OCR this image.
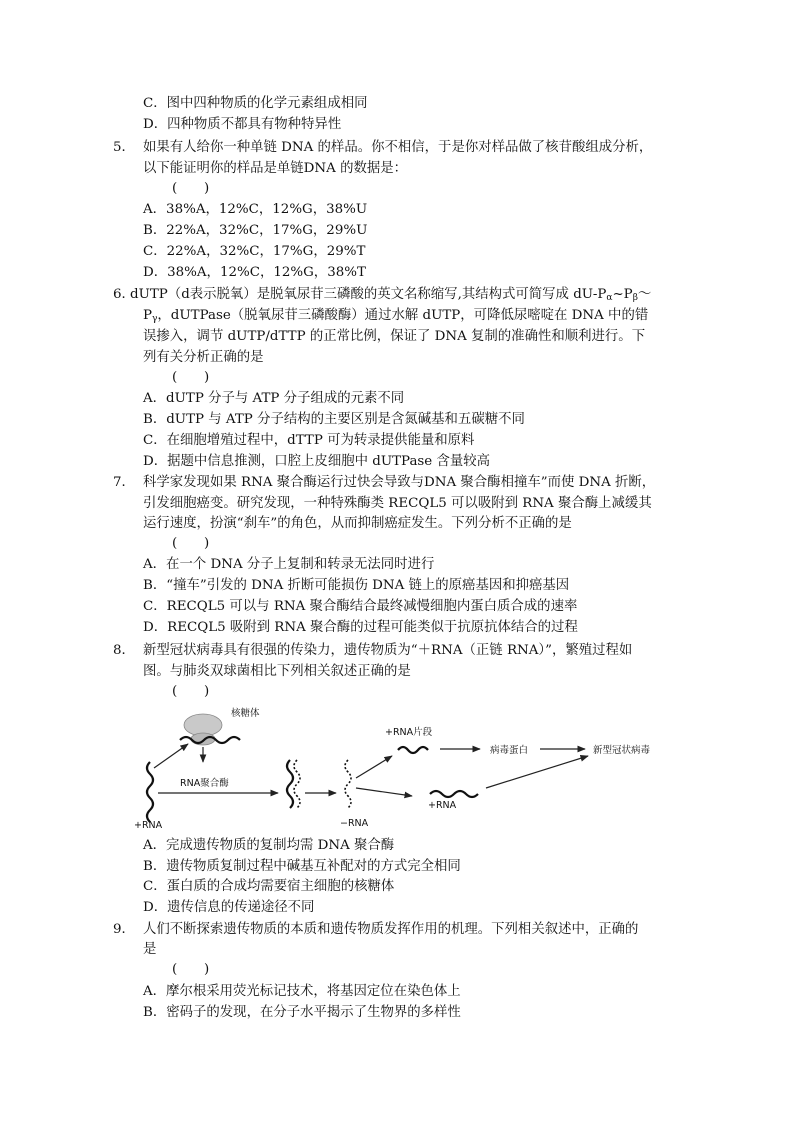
C．图中四种物质的化学元素组成相同
D．四种物质不都具有物种特异性
5． 如果有人给你一种单链 DNA 的样品。你不相信，于是你对样品做了核苷酸组成分析，
以下能证明你的样品是单链DNA 的数据是：
(　　)
A．38%A，12%C，12%G，38%U
B．22%A，32%C，17%G，29%U
C．22%A，32%C，17%G，29%T
D．38%A，12%C，12%G，38%T
6．
dUTP（d表示脱氧）是脱氧尿苷三磷酸的英文名称缩写,其结构式可简写成 $dU-P_\alpha\sim P_\beta\sim$
$P_\gamma$，dUTPase（脱氧尿苷三磷酸酶）通过水解 dUTP，可降低尿嘧啶在 DNA 中的错
误掺入，调节 dUTP/dTTP 的正常比例，保证了 DNA 复制的准确性和顺利进行。下
列有关分析正确的是
(　　)
A．dUTP 分子与 ATP 分子组成的元素不同
B．dUTP 与 ATP 分子结构的主要区别是含氮碱基和五碳糖不同
C．在细胞增殖过程中，dTTP 可为转录提供能量和原料
D．据题中信息推测，口腔上皮细胞中 dUTPase 含量较高
7． 科学家发现如果 RNA 聚合酶运行过快会导致与DNA 聚合酶相撞车”而使 DNA 折断，
引发细胞癌变。研究发现，一种特殊酶类 RECQL5 可以吸附到 RNA 聚合酶上减缓其
运行速度，扮演“刹车”的角色，从而抑制癌症发生。下列分析不正确的是
(　　)
A．在一个 DNA 分子上复制和转录无法同时进行
B．“撞车”引发的 DNA 折断可能损伤 DNA 链上的原癌基因和抑癌基因
C．RECQL5 可以与 RNA 聚合酶结合最终减慢细胞内蛋白质合成的速率
D．RECQL5 吸附到 RNA 聚合酶的过程可能类似于抗原抗体结合的过程
8． 新型冠状病毒具有很强的传染力，遗传物质为“＋RNA（正链 RNA）”，繁殖过程如
图。与肺炎双球菌相比下列相关叙述正确的是
(　　)
核糖体
+RNA
RNA聚合酶
−RNA
+RNA片段
病毒蛋白	新型冠状病毒
+RNA
A．完成遗传物质的复制均需 DNA 聚合酶
B．遗传物质复制过程中碱基互补配对的方式完全相同
C．蛋白质的合成均需要宿主细胞的核糖体
D．遗传信息的传递途径不同
9． 人们不断探索遗传物质的本质和遗传物质发挥作用的机理。下列相关叙述中，正确的
是
(　　)
A．摩尔根采用荧光标记技术，将基因定位在染色体上
B．密码子的发现，在分子水平揭示了生物界的多样性
